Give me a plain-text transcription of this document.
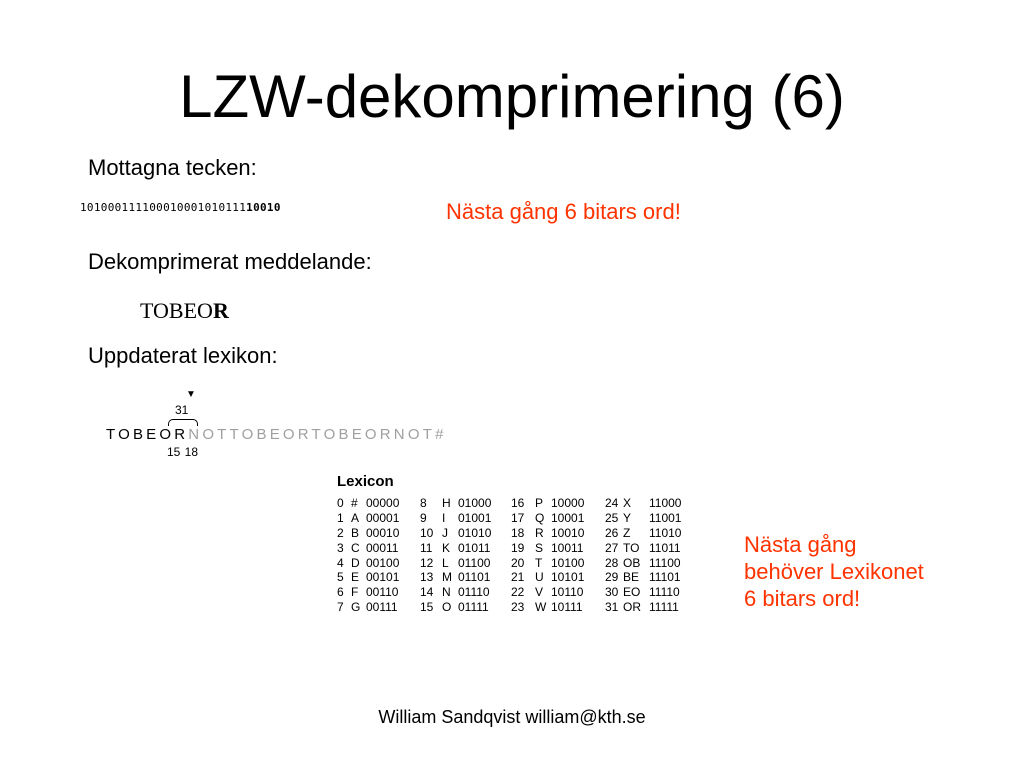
LZW-dekomprimering (6)
Mottagna tecken:
10100011110001000101011110010	Nästa gång 6 bitars ord!
Dekomprimerat meddelande:
TOBEOR
Uppdaterat lexikon:
▼
31
TOBEORNOTTOBEORTOBEORNOT#
15 18
Lexicon
0 # 00000
1 A 00001
2 B 00010
3 C 00011
4 D 00100
5 E 00101
6 F 00110
7 G 00111
8 H 01000
9 I 01001
10 J 01010
11 K 01011
12 L 01100
13 M 01101
14 N 01110
15 O 01111
16 P 10000
17 Q 10001
18 R 10010
19 S 10011
20 T 10100
21 U 10101
22 V 10110
23 W 10111
24 X 11000
25 Y 11001
26 Z 11010
27 TO 11011
28 OB 11100
29 BE 11101
30 EO 11110
31 OR 11111
Nästa gång
behöver Lexikonet
6 bitars ord!
William Sandqvist william@kth.se
